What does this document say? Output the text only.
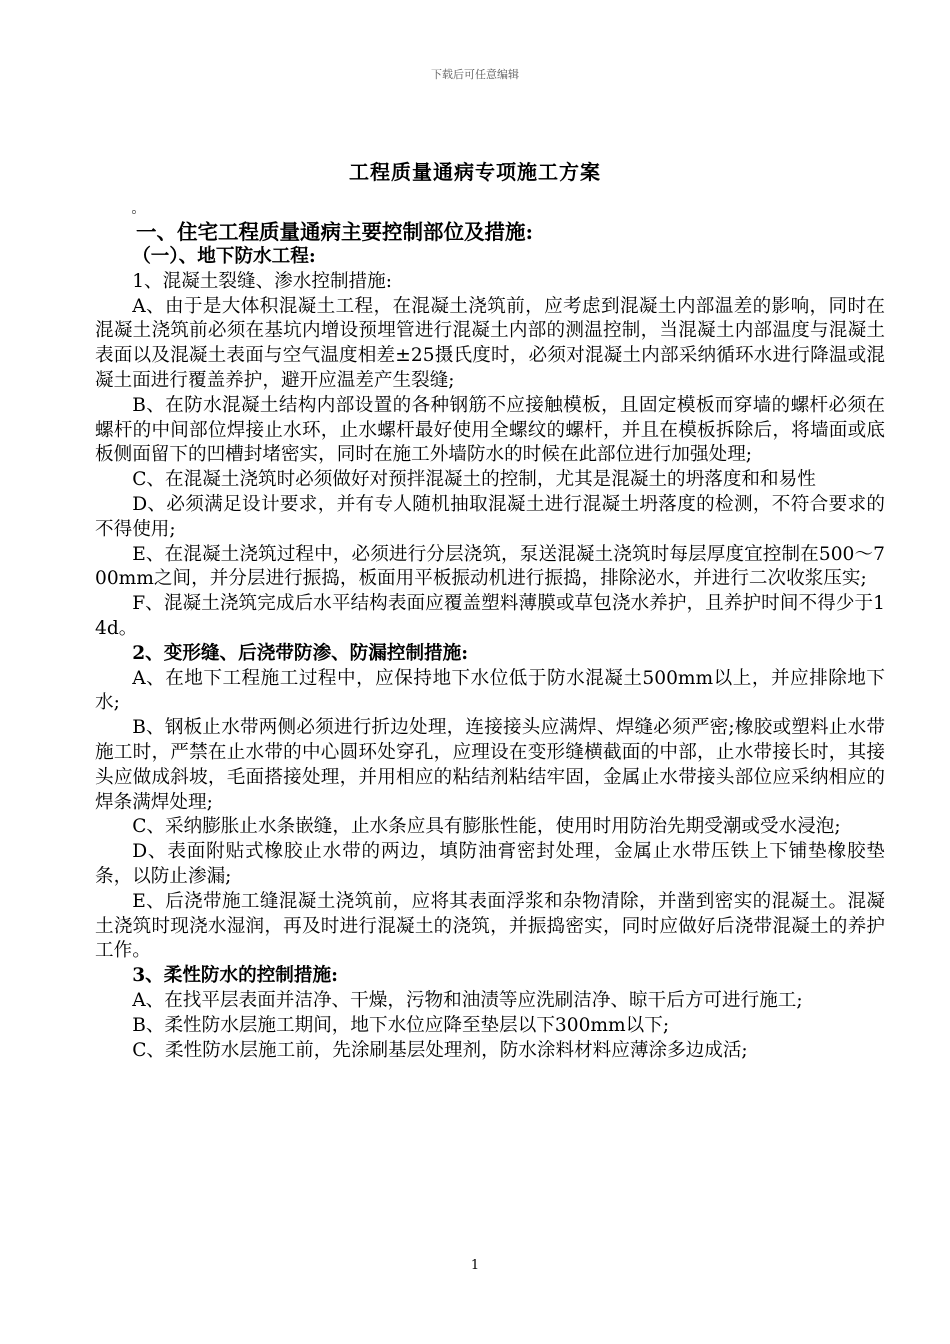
下载后可任意编辑
工程质量通病专项施工方案

。

一、住宅工程质量通病主要控制部位及措施:

（一）、地下防水工程:

1、混凝土裂缝、渗水控制措施:

A、由于是大体积混凝土工程，在混凝土浇筑前，应考虑到混凝土内部温差的影响，同时在混凝土浇筑前必须在基坑内增设预埋管进行混凝土内部的测温控制，当混凝土内部温度与混凝土表面以及混凝土表面与空气温度相差±25摄氏度时，必须对混凝土内部采纳循环水进行降温或混凝土面进行覆盖养护，避开应温差产生裂缝;

B、在防水混凝土结构内部设置的各种钢筋不应接触模板，且固定模板而穿墙的螺杆必须在螺杆的中间部位焊接止水环，止水螺杆最好使用全螺纹的螺杆，并且在模板拆除后，将墙面或底板侧面留下的凹槽封堵密实，同时在施工外墙防水的时候在此部位进行加强处理;

C、在混凝土浇筑时必须做好对预拌混凝土的控制，尤其是混凝土的坍落度和和易性

D、必须满足设计要求，并有专人随机抽取混凝土进行混凝土坍落度的检测，不符合要求的不得使用;

E、在混凝土浇筑过程中，必须进行分层浇筑，泵送混凝土浇筑时每层厚度宜控制在500～700mm之间，并分层进行振捣，板面用平板振动机进行振捣，排除泌水，并进行二次收浆压实;

F、混凝土浇筑完成后水平结构表面应覆盖塑料薄膜或草包浇水养护，且养护时间不得少于14d。

2、变形缝、后浇带防渗、防漏控制措施:

A、在地下工程施工过程中，应保持地下水位低于防水混凝土500mm以上，并应排除地下水;

B、钢板止水带两侧必须进行折边处理，连接接头应满焊、焊缝必须严密;橡胶或塑料止水带施工时，严禁在止水带的中心圆环处穿孔，应理设在变形缝横截面的中部，止水带接长时，其接头应做成斜坡，毛面搭接处理，并用相应的粘结剂粘结牢固，金属止水带接头部位应采纳相应的焊条满焊处理;

C、采纳膨胀止水条嵌缝，止水条应具有膨胀性能，使用时用防治先期受潮或受水浸泡;

D、表面附贴式橡胶止水带的两边，填防油膏密封处理，金属止水带压铁上下铺垫橡胶垫条，以防止渗漏;

E、后浇带施工缝混凝土浇筑前，应将其表面浮浆和杂物清除，并凿到密实的混凝土。混凝土浇筑时现浇水湿润，再及时进行混凝土的浇筑，并振捣密实，同时应做好后浇带混凝土的养护工作。

3、柔性防水的控制措施:

A、在找平层表面并洁净、干燥，污物和油渍等应洗刷洁净、晾干后方可进行施工;

B、柔性防水层施工期间，地下水位应降至垫层以下300mm以下;

C、柔性防水层施工前，先涂刷基层处理剂，防水涂料材料应薄涂多边成活;

1
